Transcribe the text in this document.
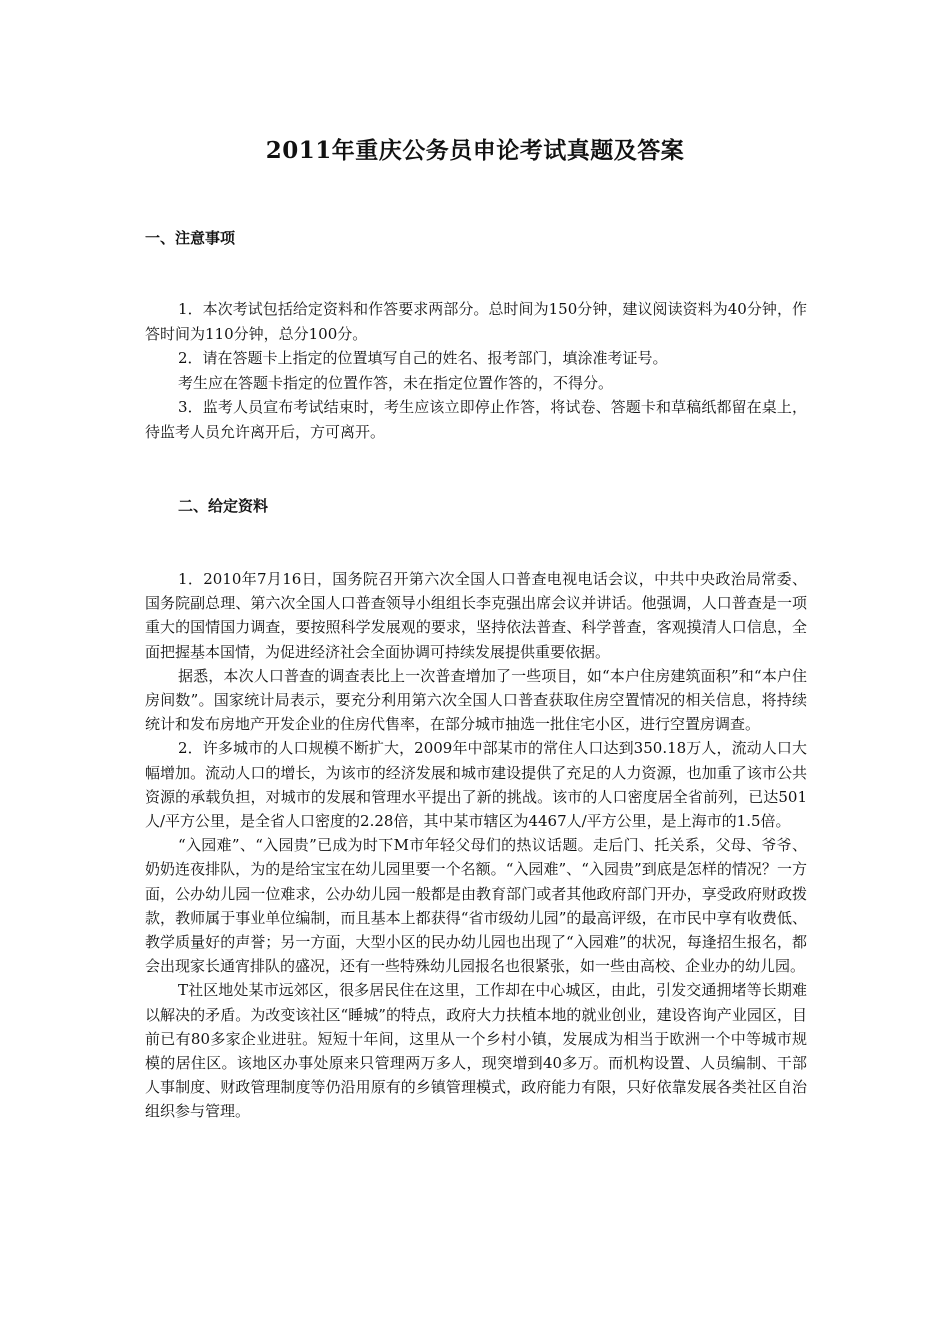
2011年重庆公务员申论考试真题及答案
一、注意事项

1．本次考试包括给定资料和作答要求两部分。总时间为150分钟，建议阅读资料为40分钟，作答时间为110分钟，总分100分。

2．请在答题卡上指定的位置填写自己的姓名、报考部门，填涂准考证号。

考生应在答题卡指定的位置作答，未在指定位置作答的，不得分。

3．监考人员宣布考试结束时，考生应该立即停止作答，将试卷、答题卡和草稿纸都留在桌上，待监考人员允许离开后，方可离开。

二、给定资料

1．2010年7月16日，国务院召开第六次全国人口普查电视电话会议，中共中央政治局常委、国务院副总理、第六次全国人口普查领导小组组长李克强出席会议并讲话。他强调，人口普查是一项重大的国情国力调查，要按照科学发展观的要求，坚持依法普查、科学普查，客观摸清人口信息，全面把握基本国情，为促进经济社会全面协调可持续发展提供重要依据。

据悉，本次人口普查的调查表比上一次普查增加了一些项目，如“本户住房建筑面积”和“本户住房间数”。国家统计局表示，要充分利用第六次全国人口普查获取住房空置情况的相关信息，将持续统计和发布房地产开发企业的住房代售率，在部分城市抽选一批住宅小区，进行空置房调查。

2．许多城市的人口规模不断扩大，2009年中部某市的常住人口达到350.18万人，流动人口大幅增加。流动人口的增长，为该市的经济发展和城市建设提供了充足的人力资源，也加重了该市公共资源的承载负担，对城市的发展和管理水平提出了新的挑战。该市的人口密度居全省前列，已达501人/平方公里，是全省人口密度的2.28倍，其中某市辖区为4467人/平方公里，是上海市的1.5倍。

“入园难”、“入园贵”已成为时下M市年轻父母们的热议话题。走后门、托关系，父母、爷爷、奶奶连夜排队，为的是给宝宝在幼儿园里要一个名额。“入园难”、“入园贵”到底是怎样的情况？一方面，公办幼儿园一位难求，公办幼儿园一般都是由教育部门或者其他政府部门开办，享受政府财政拨款，教师属于事业单位编制，而且基本上都获得“省市级幼儿园”的最高评级，在市民中享有收费低、教学质量好的声誉；另一方面，大型小区的民办幼儿园也出现了“入园难”的状况，每逢招生报名，都会出现家长通宵排队的盛况，还有一些特殊幼儿园报名也很紧张，如一些由高校、企业办的幼儿园。

T社区地处某市远郊区，很多居民住在这里，工作却在中心城区，由此，引发交通拥堵等长期难以解决的矛盾。为改变该社区“睡城”的特点，政府大力扶植本地的就业创业，建设咨询产业园区，目前已有80多家企业进驻。短短十年间，这里从一个乡村小镇，发展成为相当于欧洲一个中等城市规模的居住区。该地区办事处原来只管理两万多人，现突增到40多万。而机构设置、人员编制、干部人事制度、财政管理制度等仍沿用原有的乡镇管理模式，政府能力有限，只好依靠发展各类社区自治组织参与管理。
